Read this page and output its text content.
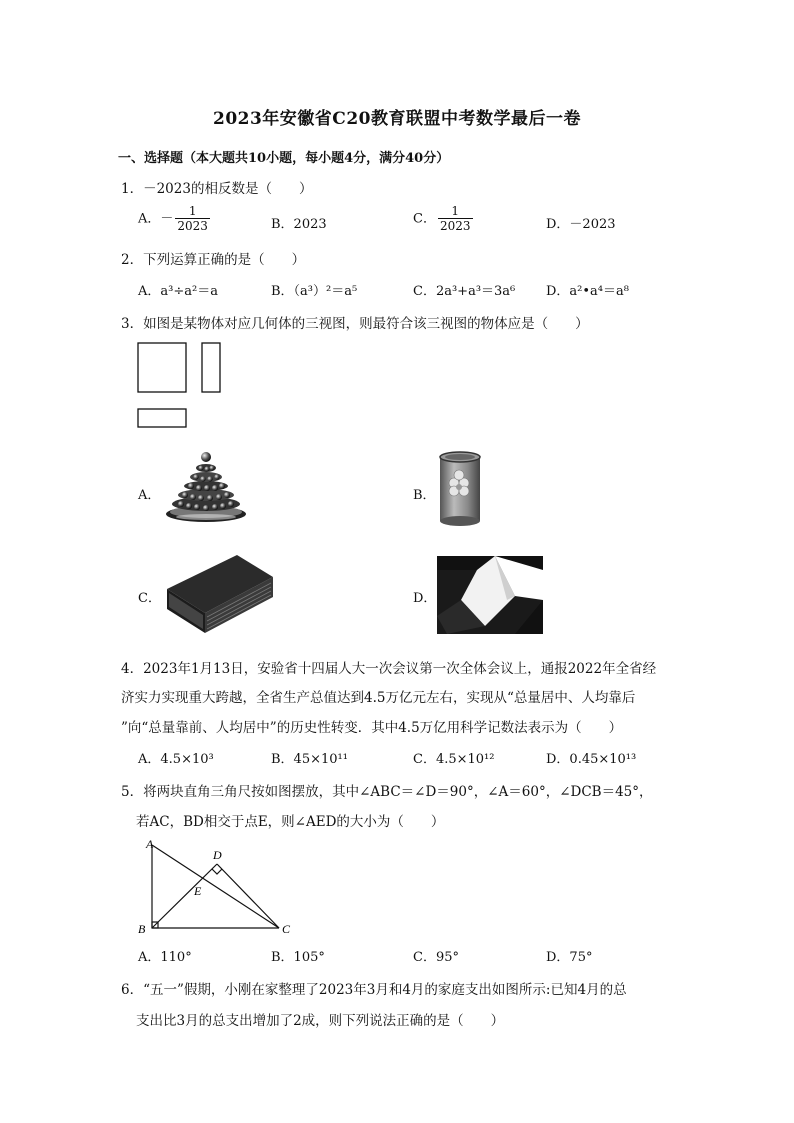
2023年安徽省C20教育联盟中考数学最后一卷
一、选择题（本大题共10小题，每小题4分，满分40分）
1．－2023的相反数是（　　）
A．－ $\frac{1}{2023}$	B．2023	C． $\frac{1}{2023}$	D．－2023
2．下列运算正确的是（　　）
A．a³÷a²＝a	B．（a³）²＝a⁵	C．2a³+a³＝3a⁶ D．a²•a⁴＝a⁸
3．如图是某物体对应几何体的三视图，则最符合该三视图的物体应是（　　）
A．	B．
C．	D．
4．2023年1月13日，安验省十四届人大一次会议第一次全体会议上，通报2022年全省经
济实力实现重大跨越，全省生产总值达到4.5万亿元左右，实现从“总量居中、人均靠后
”向“总量靠前、人均居中”的历史性转变．其中4.5万亿用科学记数法表示为（　　）
A．4.5×10³	B．45×10¹¹	C．4.5×10¹²	D．0.45×10¹³
5．将两块直角三角尺按如图摆放，其中∠ABC＝∠D＝90°，∠A＝60°，∠DCB＝45°，
若AC，BD相交于点E，则∠AED的大小为（　　）
A
B	C
D
E
A．110°	B．105°	C．95°	D．75°
6．“五一”假期，小刚在家整理了2023年3月和4月的家庭支出如图所示:已知4月的总
支出比3月的总支出增加了2成，则下列说法正确的是（　　）
